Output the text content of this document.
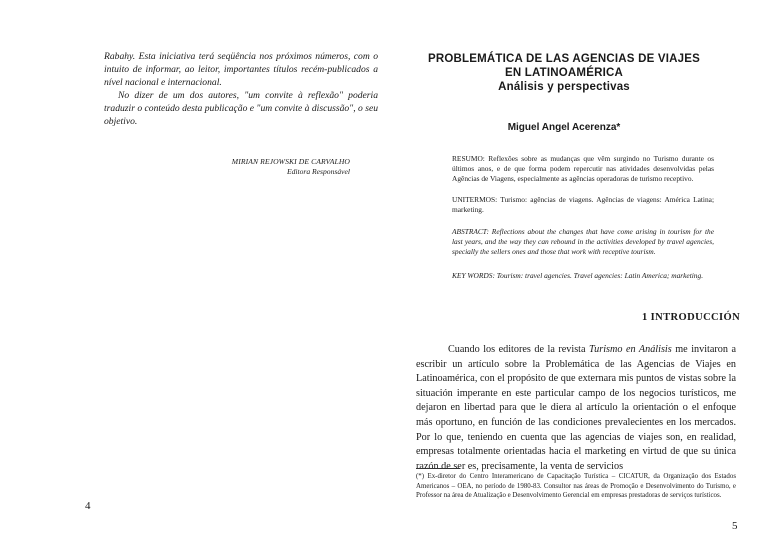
Rabahy. Esta iniciativa terá seqüência nos próximos números, com o intuito de informar, ao leitor, importantes títulos recém-publicados a nível nacional e internacional.

No dizer de um dos autores, "um convite à reflexão" poderia traduzir o conteúdo desta publicação e "um convite à discussão", o seu objetivo.

MIRIAN REJOWSKI DE CARVALHO
Editora Responsável
4
PROBLEMÁTICA DE LAS AGENCIAS DE VIAJES
EN LATINOAMÉRICA
Análisis y perspectivas
Miguel Angel Acerenza*

RESUMO: Reflexões sobre as mudanças que vêm surgindo no Turismo durante os últimos anos, e de que forma podem repercutir nas atividades desenvolvidas pelas Agências de Viagens, especialmente as agências operadoras de turismo receptivo.

UNITERMOS: Turismo: agências de viagens. Agências de viagens: América Latina; marketing.

ABSTRACT: Reflections about the changes that have come arising in tourism for the last years, and the way they can rebound in the activities developed by travel agencies, specially the sellers ones and those that work with receptive tourism.

KEY WORDS: Tourism: travel agencies. Travel agencies: Latin America; marketing.

1 INTRODUCCIÓN

Cuando los editores de la revista Turismo en Análisis me invitaron a escribir un artículo sobre la Problemática de las Agencias de Viajes en Latinoamérica, con el propósito de que externara mis puntos de vistas sobre la situación imperante en este particular campo de los negocios turísticos, me dejaron en libertad para que le diera al artículo la orientación o el enfoque más oportuno, en función de las condiciones prevalecientes en los mercados. Por lo que, teniendo en cuenta que las agencias de viajes son, en realidad, empresas totalmente orientadas hacia el marketing en virtud de que su única razón de ser es, precisamente, la venta de servicios

(*) Ex-diretor do Centro Interamericano de Capacitação Turística – CICATUR, da Organização dos Estados Americanos – OEA, no período de 1980-83. Consultor nas áreas de Promoção e Desenvolvimento do Turismo, e Professor na área de Atualização e Desenvolvimento Gerencial em empresas prestadoras de serviços turísticos.

5
